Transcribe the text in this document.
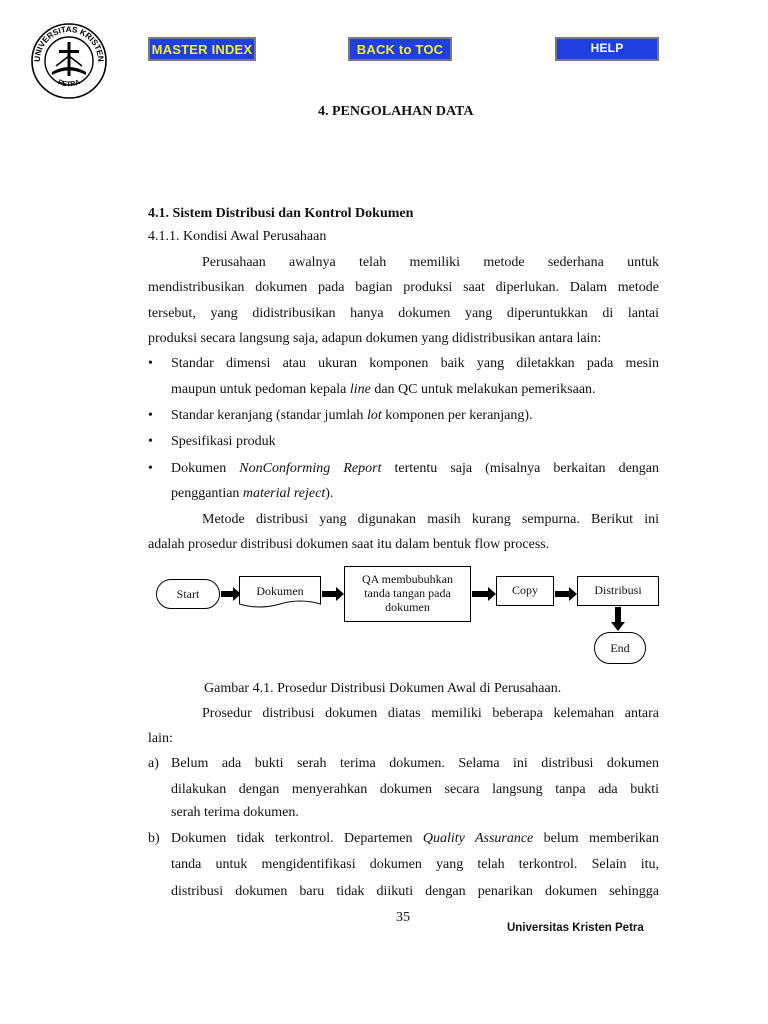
UNIVERSITAS KRISTEN
PETRA
MASTER INDEX	BACK to TOC	HELP
4. PENGOLAHAN DATA
4.1. Sistem Distribusi dan Kontrol Dokumen
4.1.1. Kondisi Awal Perusahaan
Perusahaan awalnya telah memiliki metode sederhana untuk
mendistribusikan dokumen pada bagian produksi saat diperlukan. Dalam metode
tersebut, yang didistribusikan hanya dokumen yang diperuntukkan di lantai
produksi secara langsung saja, adapun dokumen yang didistribusikan antara lain:
• Standar dimensi atau ukuran komponen baik yang diletakkan pada mesin
maupun untuk pedoman kepala line dan QC untuk melakukan pemeriksaan.
• Standar keranjang (standar jumlah lot komponen per keranjang).
• Spesifikasi produk
• Dokumen NonConforming Report tertentu saja (misalnya berkaitan dengan
penggantian material reject).
Metode distribusi yang digunakan masih kurang sempurna. Berikut ini
adalah prosedur distribusi dokumen saat itu dalam bentuk flow process.
Start	Dokumen
QA membubuhkan
tanda tangan pada
dokumen
Copy	Distribusi
End
Gambar 4.1. Prosedur Distribusi Dokumen Awal di Perusahaan.
Prosedur distribusi dokumen diatas memiliki beberapa kelemahan antara
lain:
a) Belum ada bukti serah terima dokumen. Selama ini distribusi dokumen
dilakukan dengan menyerahkan dokumen secara langsung tanpa ada bukti
serah terima dokumen.
b) Dokumen tidak terkontrol. Departemen Quality Assurance belum memberikan
tanda untuk mengidentifikasi dokumen yang telah terkontrol. Selain itu,
distribusi dokumen baru tidak diikuti dengan penarikan dokumen sehingga
35
Universitas Kristen Petra
